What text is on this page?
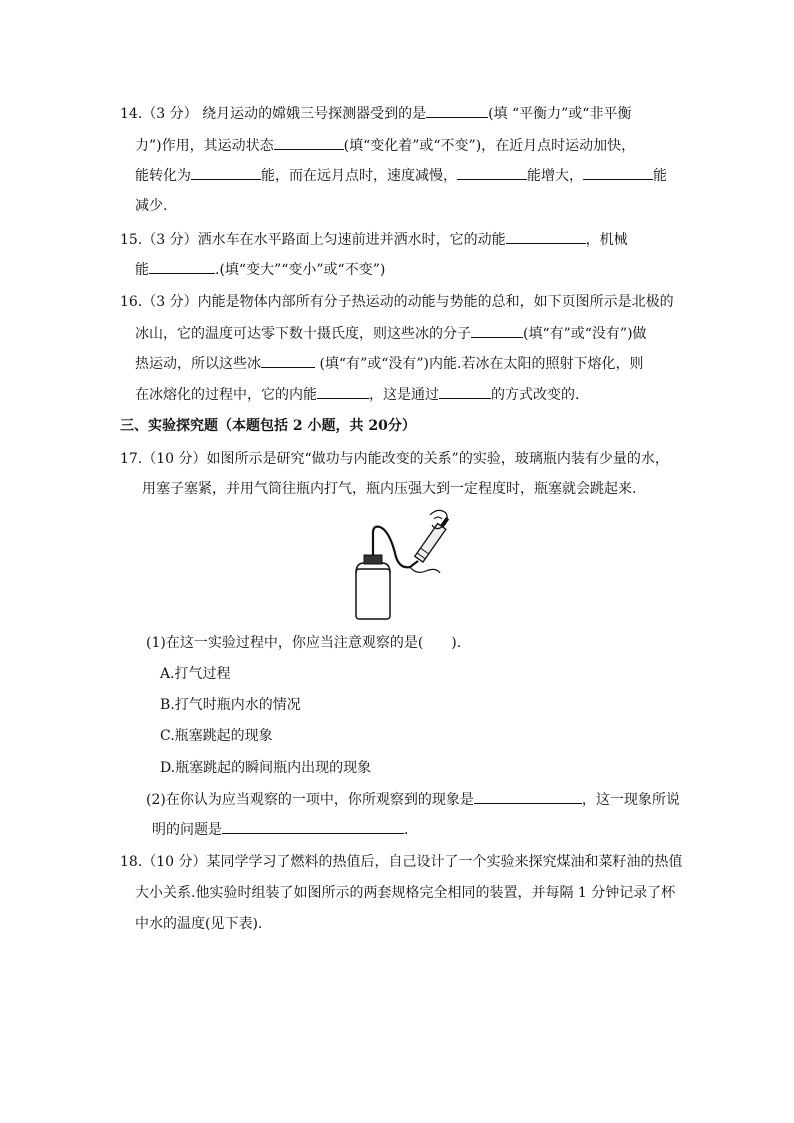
14.（3 分） 绕月运动的嫦娥三号探测器受到的是	(填 “平衡力”或“非平衡
力”)作用，其运动状态	(填“变化着”或“不变”)，在近月点时运动加快，
能转化为	能，而在远月点时，速度减慢，	能增大，	能
减少.
15.（3 分）洒水车在水平路面上匀速前进并洒水时，它的动能	，机械
能	.(填“变大”“变小”或“不变”)
16.（3 分）内能是物体内部所有分子热运动的动能与势能的总和，如下页图所示是北极的
冰山，它的温度可达零下数十摄氏度，则这些冰的分子	(填“有”或“没有”)做
热运动，所以这些冰	(填“有”或“没有”)内能.若冰在太阳的照射下熔化，则
在冰熔化的过程中，它的内能	，这是通过	的方式改变的.
三、实验探究题（本题包括 2 小题，共 20分）
17.（10 分）如图所示是研究“做功与内能改变的关系”的实验，玻璃瓶内装有少量的水，
用塞子塞紧，并用气筒往瓶内打气，瓶内压强大到一定程度时，瓶塞就会跳起来.
(1)在这一实验过程中，你应当注意观察的是(　　).
A.打气过程
B.打气时瓶内水的情况
C.瓶塞跳起的现象
D.瓶塞跳起的瞬间瓶内出现的现象
(2)在你认为应当观察的一项中，你所观察到的现象是	，这一现象所说
明的问题是	.
18.（10 分）某同学学习了燃料的热值后，自己设计了一个实验来探究煤油和菜籽油的热值
大小关系.他实验时组装了如图所示的两套规格完全相同的装置，并每隔 1 分钟记录了杯
中水的温度(见下表).
